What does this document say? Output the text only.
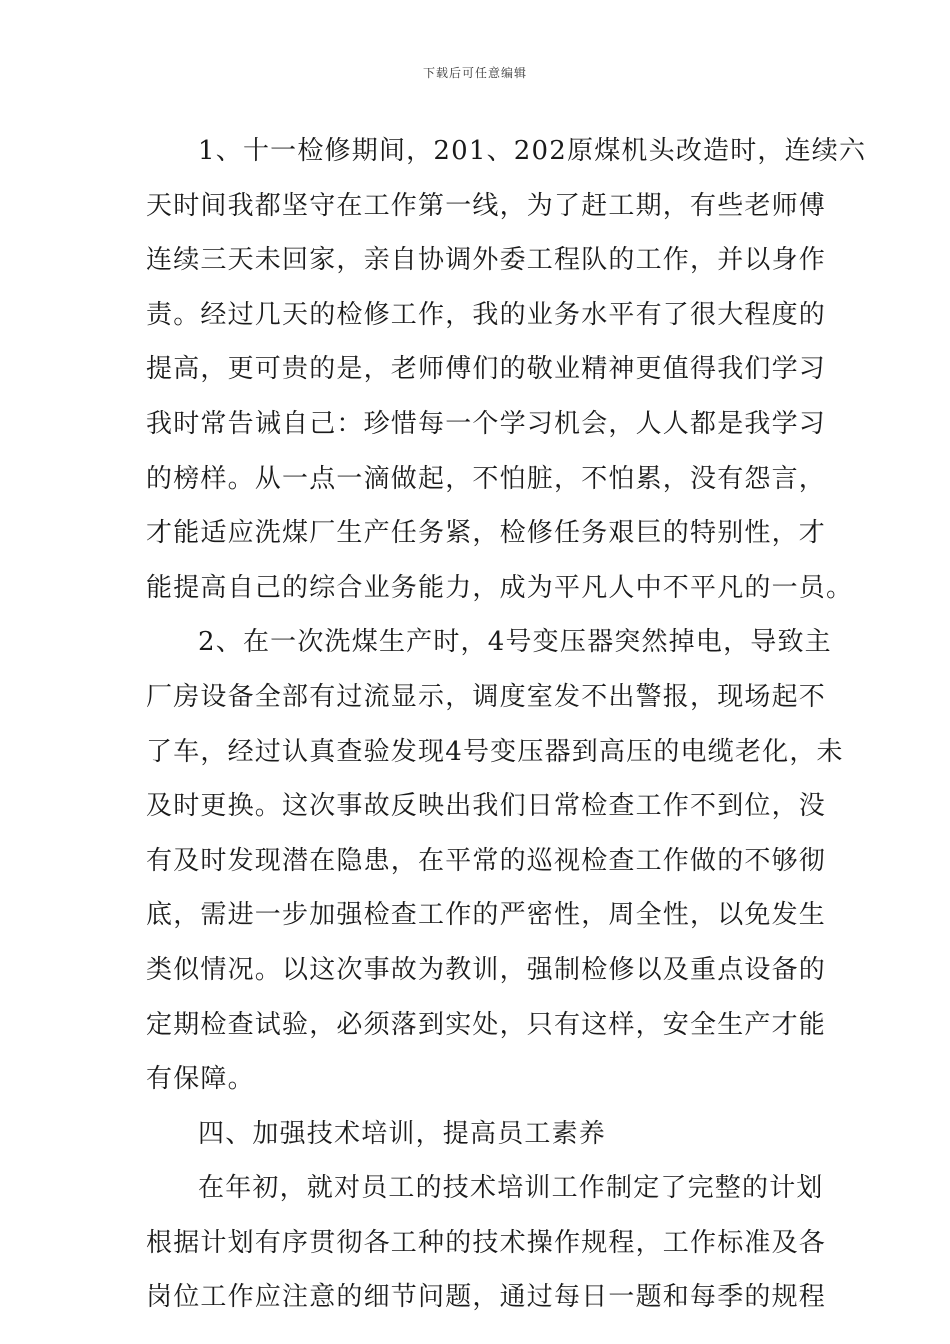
下载后可任意编辑
1、十一检修期间，201、202原煤机头改造时，连续六
天时间我都坚守在工作第一线，为了赶工期，有些老师傅
连续三天未回家，亲自协调外委工程队的工作，并以身作
责。经过几天的检修工作，我的业务水平有了很大程度的
提高，更可贵的是，老师傅们的敬业精神更值得我们学习
我时常告诫自己：珍惜每一个学习机会，人人都是我学习
的榜样。从一点一滴做起，不怕脏，不怕累，没有怨言，
才能适应洗煤厂生产任务紧，检修任务艰巨的特别性，才
能提高自己的综合业务能力，成为平凡人中不平凡的一员。
2、在一次洗煤生产时，4号变压器突然掉电，导致主
厂房设备全部有过流显示，调度室发不出警报，现场起不
了车，经过认真查验发现4号变压器到高压的电缆老化，未
及时更换。这次事故反映出我们日常检查工作不到位，没
有及时发现潜在隐患，在平常的巡视检查工作做的不够彻
底，需进一步加强检查工作的严密性，周全性，以免发生
类似情况。以这次事故为教训，强制检修以及重点设备的
定期检查试验，必须落到实处，只有这样，安全生产才能
有保障。
四、加强技术培训，提高员工素养
在年初，就对员工的技术培训工作制定了完整的计划
根据计划有序贯彻各工种的技术操作规程，工作标准及各
岗位工作应注意的细节问题，通过每日一题和每季的规程
